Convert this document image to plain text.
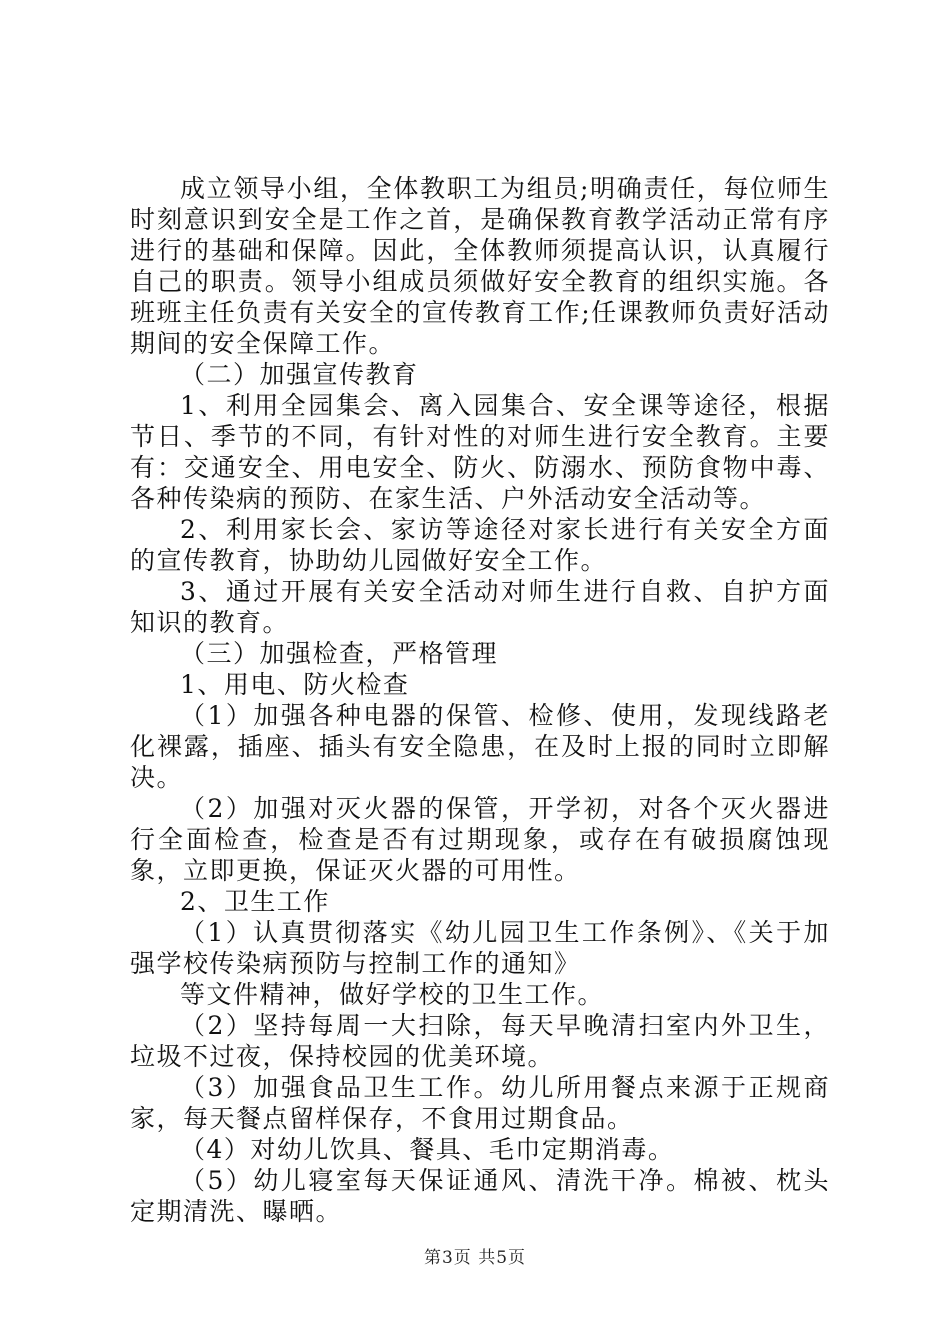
成立领导小组，全体教职工为组员;明确责任，每位师生时刻意识到安全是工作之首，是确保教育教学活动正常有序进行的基础和保障。因此，全体教师须提高认识，认真履行自己的职责。领导小组成员须做好安全教育的组织实施。各班班主任负责有关安全的宣传教育工作;任课教师负责好活动期间的安全保障工作。

（二）加强宣传教育

1、利用全园集会、离入园集合、安全课等途径，根据节日、季节的不同，有针对性的对师生进行安全教育。主要有：交通安全、用电安全、防火、防溺水、预防食物中毒、各种传染病的预防、在家生活、户外活动安全活动等。

2、利用家长会、家访等途径对家长进行有关安全方面的宣传教育，协助幼儿园做好安全工作。

3、通过开展有关安全活动对师生进行自救、自护方面知识的教育。

（三）加强检查，严格管理

1、用电、防火检查

（1）加强各种电器的保管、检修、使用，发现线路老化裸露，插座、插头有安全隐患，在及时上报的同时立即解决。

（2）加强对灭火器的保管，开学初，对各个灭火器进行全面检查，检查是否有过期现象，或存在有破损腐蚀现象，立即更换，保证灭火器的可用性。

2、卫生工作

（1）认真贯彻落实《幼儿园卫生工作条例》、《关于加强学校传染病预防与控制工作的通知》

等文件精神，做好学校的卫生工作。

（2）坚持每周一大扫除，每天早晚清扫室内外卫生，垃圾不过夜，保持校园的优美环境。

（3）加强食品卫生工作。幼儿所用餐点来源于正规商家，每天餐点留样保存，不食用过期食品。

（4）对幼儿饮具、餐具、毛巾定期消毒。

（5）幼儿寝室每天保证通风、清洗干净。棉被、枕头定期清洗、曝晒。

第3页 共5页
